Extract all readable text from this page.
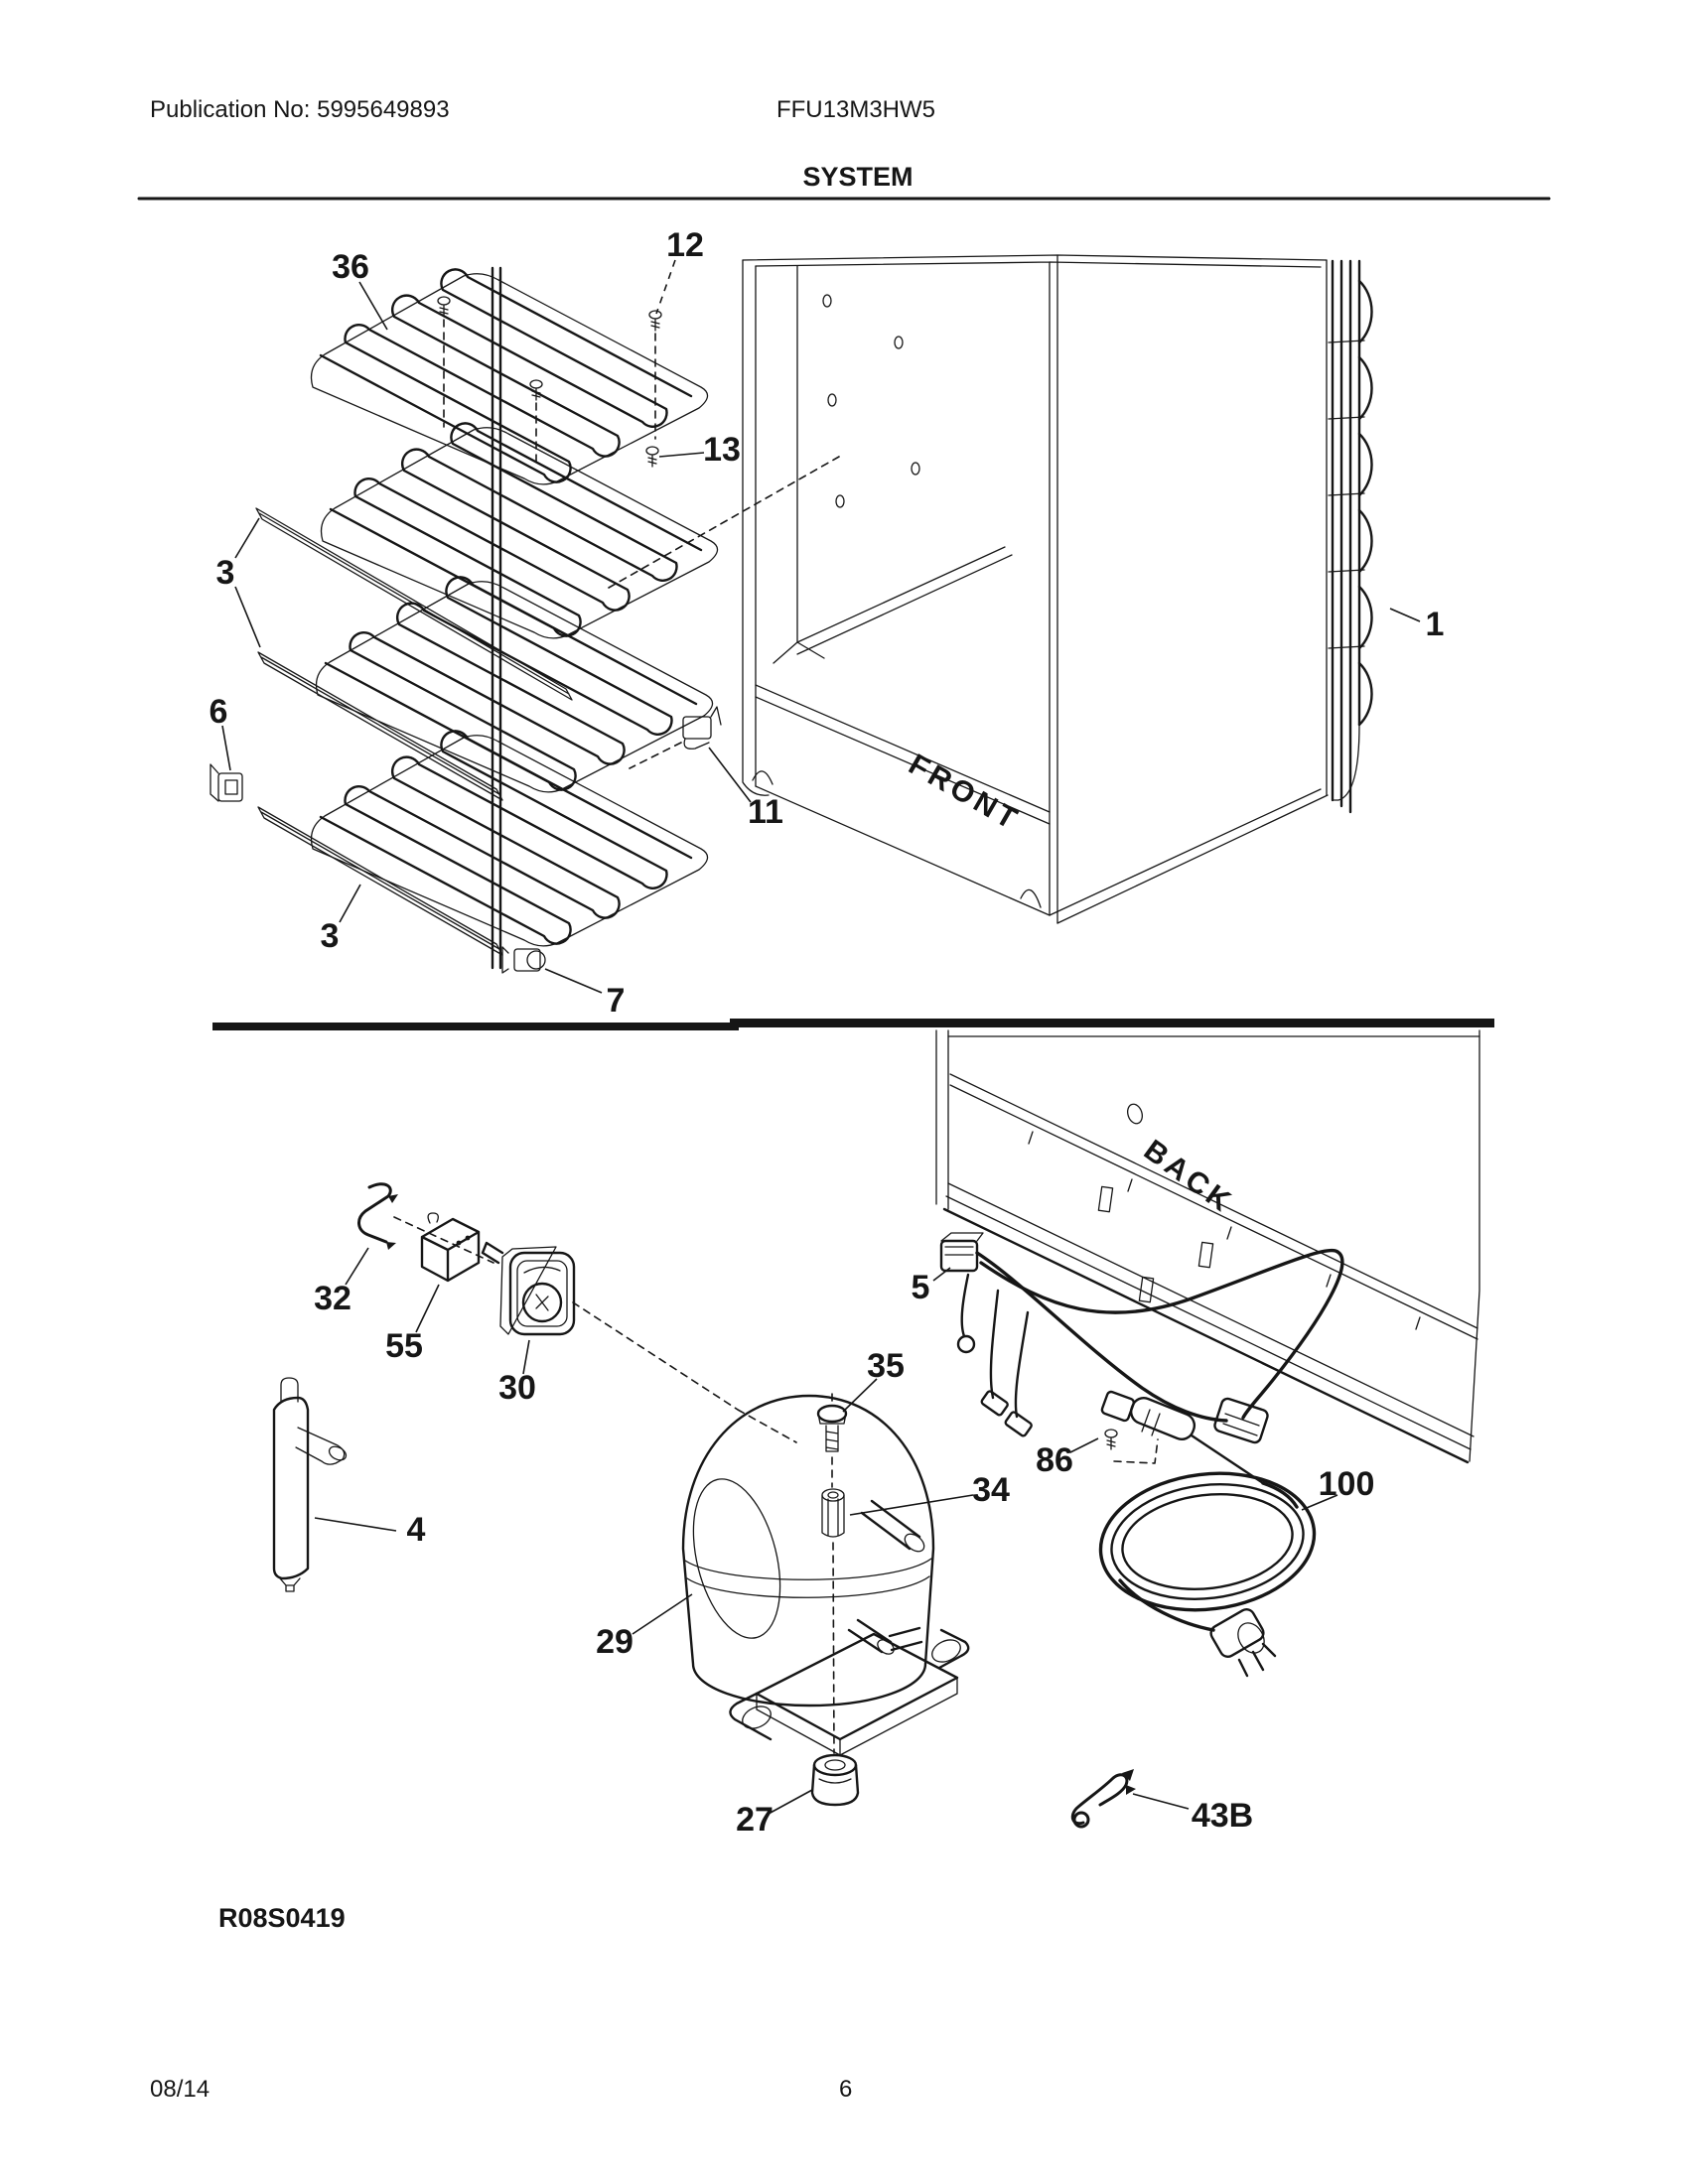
Publication No: 5995649893	FFU13M3HW5
SYSTEM
FRONT
BACK
R08S0419
08/14	6
36
12
13
3
6
11
3
7
1
32
55
30
4
35
34
86
29
5
100
27	43B
